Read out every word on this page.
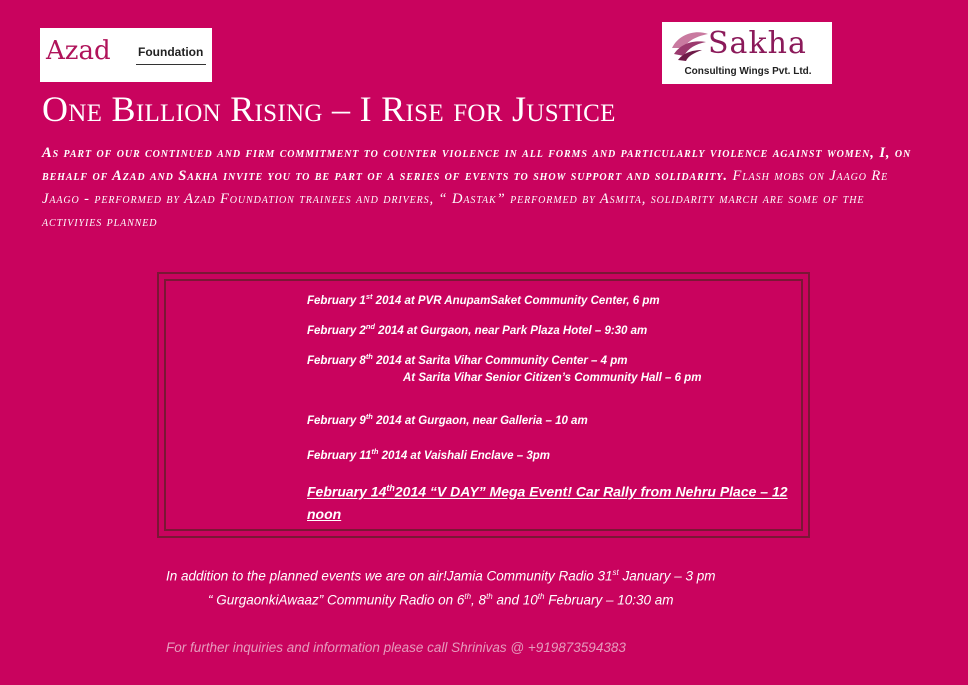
Azad Foundation	Sakha
Consulting Wings Pvt. Ltd.
One Billion Rising – I Rise for Justice

As part of our continued and firm commitment to counter violence in all forms and particularly violence against women, I, on behalf of Azad and Sakha invite you to be part of a series of events to show support and solidarity. Flash mobs on Jaago Re Jaago - performed by Azad Foundation trainees and drivers, “ Dastak” performed by Asmita, solidarity march are some of the activiyies planned

February 1st 2014 at PVR AnupamSaket Community Center, 6 pm

February 2nd 2014 at Gurgaon, near Park Plaza Hotel – 9:30 am

February 8th 2014 at Sarita Vihar Community Center – 4 pm

At Sarita Vihar Senior Citizen’s Community Hall – 6 pm

February 9th 2014 at Gurgaon, near Galleria – 10 am

February 11th 2014 at Vaishali Enclave – 3pm

February 14th2014 “V DAY” Mega Event! Car Rally from Nehru Place – 12 noon

In addition to the planned events we are on air!Jamia Community Radio 31st January – 3 pm

“ GurgaonkiAwaaz” Community Radio on 6th, 8th and 10th February – 10:30 am

For further inquiries and information please call Shrinivas @ +919873594383
